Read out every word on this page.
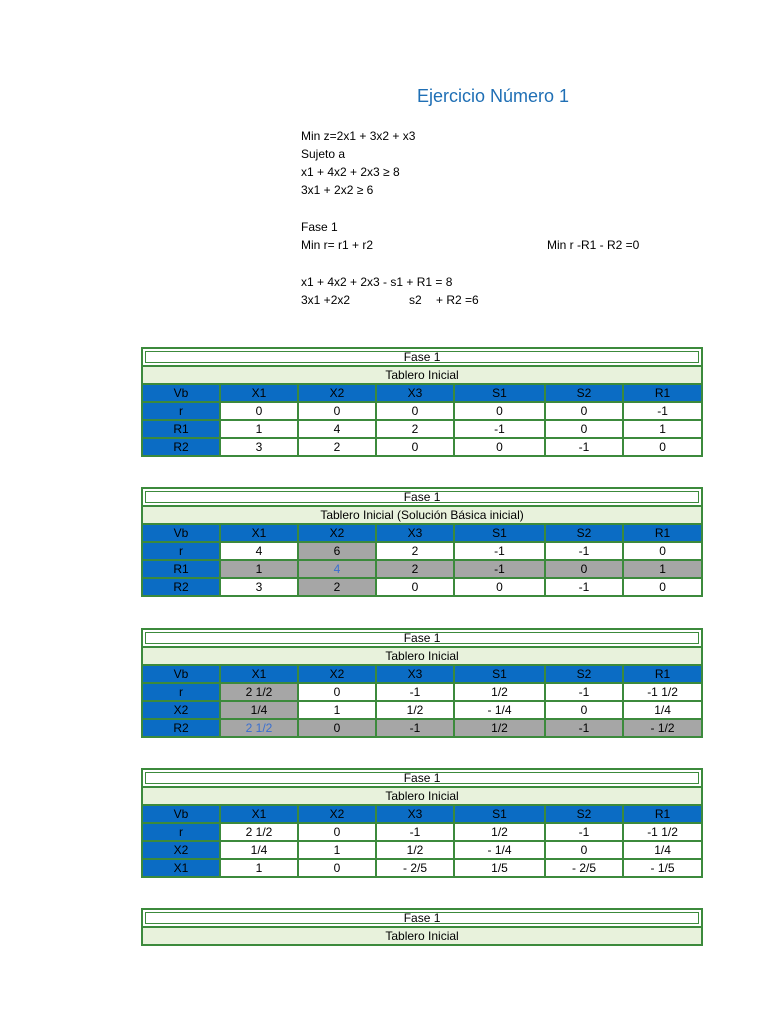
Ejercicio Número 1
Min z=2x1 + 3x2 + x3
Sujeto a
x1 + 4x2 + 2x3 ≥ 8
3x1 + 2x2 ≥ 6
Fase 1
Min r= r1 + r2	Min r -R1 - R2 =0
x1 + 4x2 + 2x3 - s1 + R1 = 8
3x1 +2x2	s2 + R2 =6
Fase 1						
Tablero Inicial						
Vb	X1	X2	X3	S1	S2	R1
r	0	0	0	0	0	-1
R1	1	4	2	-1	0	1
R2	3	2	0	0	-1	0
Fase 1						
Tablero Inicial (Solución Básica inicial)						
Vb	X1	X2	X3	S1	S2	R1
r	4	6	2	-1	-1	0
R1	1	4	2	-1	0	1
R2	3	2	0	0	-1	0
Fase 1						
Tablero Inicial						
Vb	X1	X2	X3	S1	S2	R1
r	2 1/2	0	-1	1/2	-1	-1 1/2
X2	1/4	1	1/2	- 1/4	0	1/4
R2	2 1/2	0	-1	1/2	-1	- 1/2
Fase 1						
Tablero Inicial						
Vb	X1	X2	X3	S1	S2	R1
r	2 1/2	0	-1	1/2	-1	-1 1/2
X2	1/4	1	1/2	- 1/4	0	1/4
X1	1	0	- 2/5	1/5	- 2/5	- 1/5
Fase 1
Tablero Inicial
